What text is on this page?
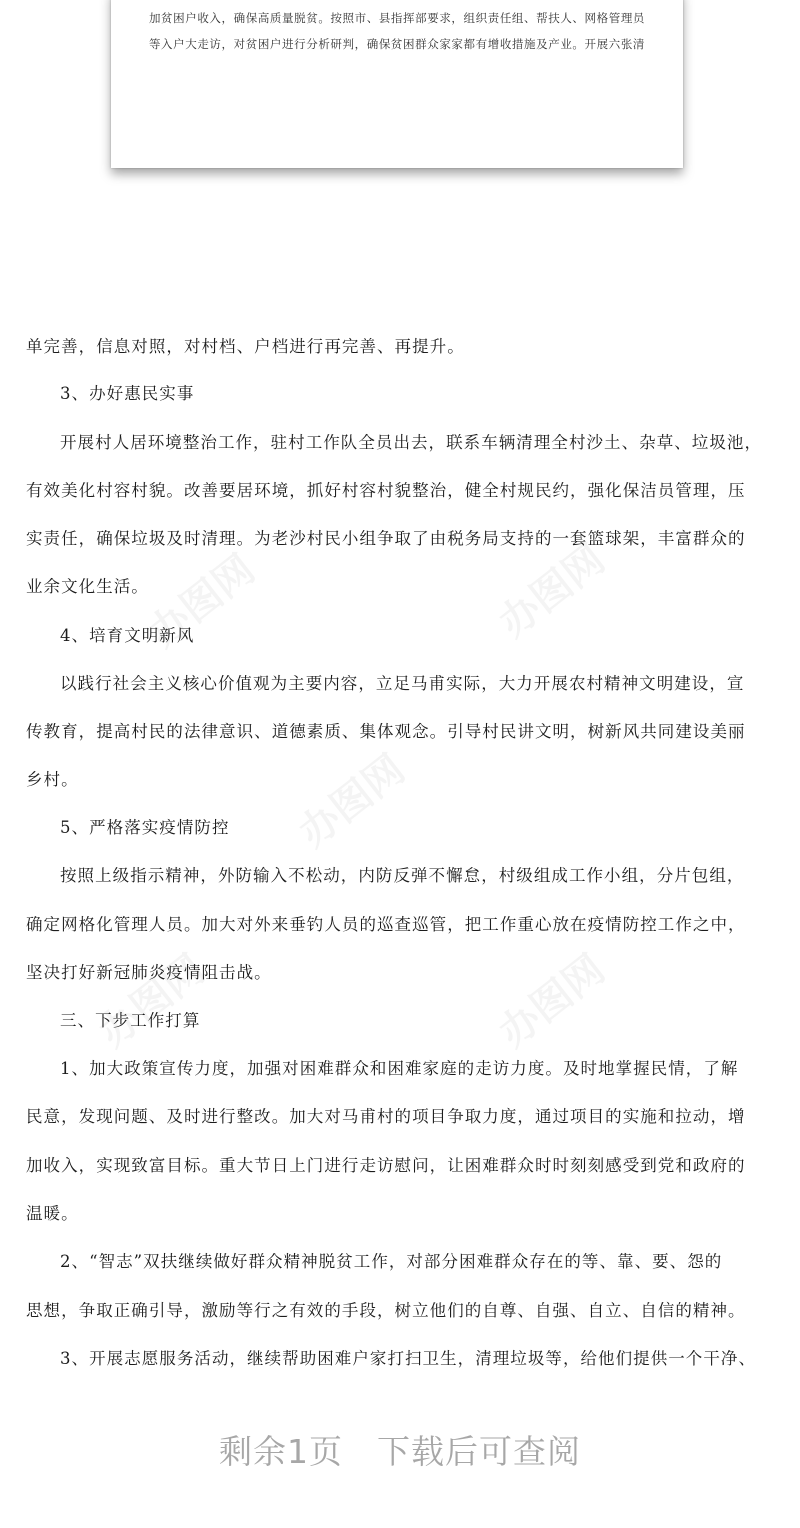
加贫困户收入，确保高质量脱贫。按照市、县指挥部要求，组织责任组、帮扶人、网格管理员

等入户大走访，对贫困户进行分析研判，确保贫困群众家家都有增收措施及产业。开展六张清

单完善，信息对照，对村档、户档进行再完善、再提升。
3、办好惠民实事
开展村人居环境整治工作，驻村工作队全员出去，联系车辆清理全村沙土、杂草、垃圾池，
有效美化村容村貌。改善要居环境，抓好村容村貌整治，健全村规民约，强化保洁员管理，压
实责任，确保垃圾及时清理。为老沙村民小组争取了由税务局支持的一套篮球架，丰富群众的
业余文化生活。
4、培育文明新风
以践行社会主义核心价值观为主要内容，立足马甫实际，大力开展农村精神文明建设，宣
传教育，提高村民的法律意识、道德素质、集体观念。引导村民讲文明，树新风共同建设美丽
乡村。
5、严格落实疫情防控
按照上级指示精神，外防输入不松动，内防反弹不懈怠，村级组成工作小组，分片包组，
确定网格化管理人员。加大对外来垂钓人员的巡查巡管，把工作重心放在疫情防控工作之中，
坚决打好新冠肺炎疫情阻击战。
三、下步工作打算
1、加大政策宣传力度，加强对困难群众和困难家庭的走访力度。及时地掌握民情，了解
民意，发现问题、及时进行整改。加大对马甫村的项目争取力度，通过项目的实施和拉动，增
加收入，实现致富目标。重大节日上门进行走访慰问，让困难群众时时刻刻感受到党和政府的
温暖。
2、“智志”双扶继续做好群众精神脱贫工作，对部分困难群众存在的等、靠、要、怨的
思想，争取正确引导，激励等行之有效的手段，树立他们的自尊、自强、自立、自信的精神。
3、开展志愿服务活动，继续帮助困难户家打扫卫生，清理垃圾等，给他们提供一个干净、
剩余1页　下载后可查阅
